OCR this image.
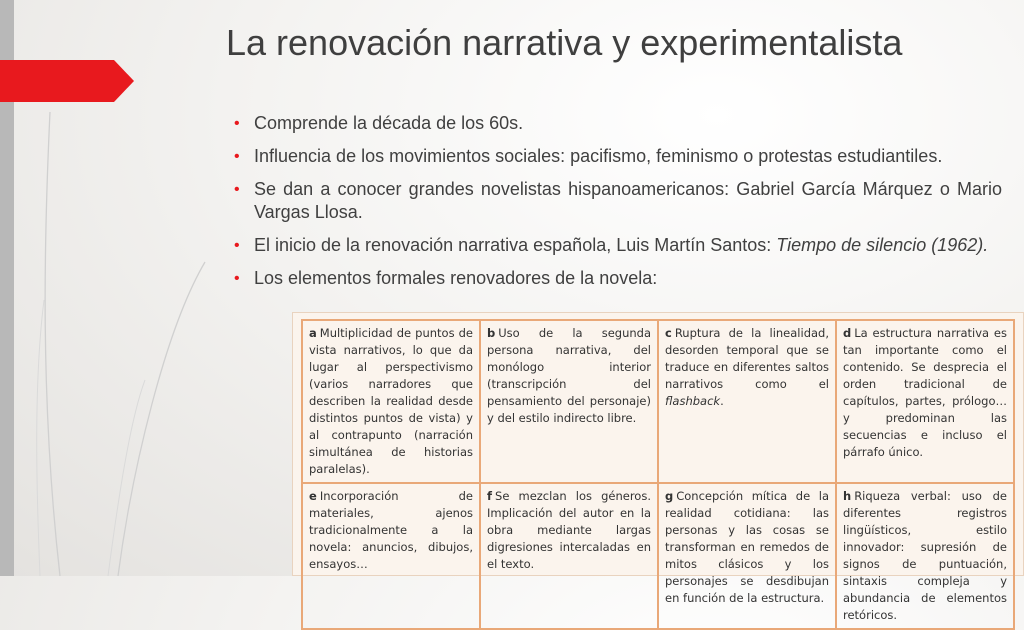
La renovación narrativa y experimentalista
• Comprende la década de los 60s.
• Influencia de los movimientos sociales: pacifismo, feminismo o protestas estudiantiles.
• Se dan a conocer grandes novelistas hispanoamericanos: Gabriel García Márquez o Mario Vargas Llosa.
• El inicio de la renovación narrativa española, Luis Martín Santos: Tiempo de silencio (1962).
• Los elementos formales renovadores de la novela:
a Multiplicidad de puntos de vista narrativos, lo que da lugar al perspectivismo (varios narradores que describen la realidad desde distintos puntos de vista) y al contrapunto (narración simultánea de historias paralelas).	b Uso de la segunda persona narrativa, del monólogo interior (transcripción del pensamiento del personaje) y del estilo indirecto libre.	c Ruptura de la linealidad, desorden temporal que se traduce en diferentes saltos narrativos como el flashback.	d La estructura narrativa es tan importante como el contenido. Se desprecia el orden tradicional de capítulos, partes, prólogo… y predominan las secuencias e incluso el párrafo único.
e Incorporación de materiales, ajenos tradicionalmente a la novela: anuncios, dibujos, ensayos…	f Se mezclan los géneros. Implicación del autor en la obra mediante largas digresiones intercaladas en el texto.	g Concepción mítica de la realidad cotidiana: las personas y las cosas se transforman en remedos de mitos clásicos y los personajes se desdibujan en función de la estructura.	h Riqueza verbal: uso de diferentes registros lingüísticos, estilo innovador: supresión de signos de puntuación, sintaxis compleja y abundancia de elementos retóricos.
